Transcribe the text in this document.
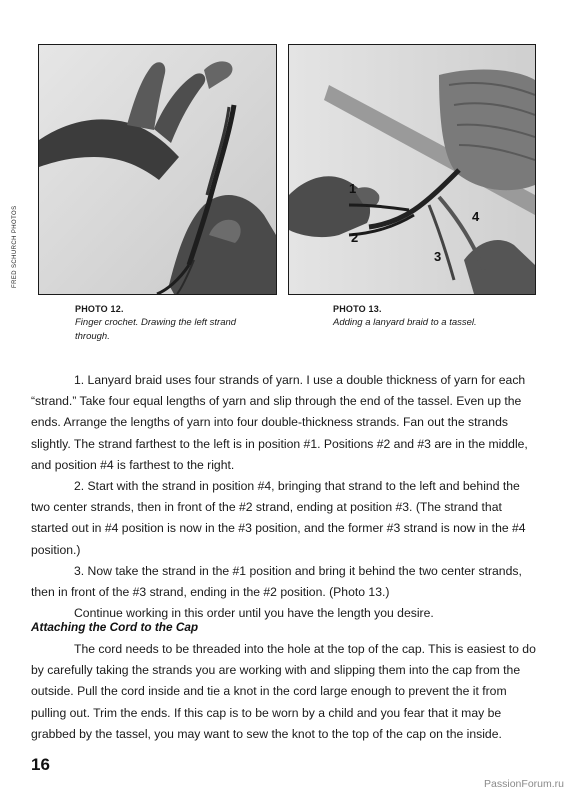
1
2
3
4
FRED SCHURCH PHOTOS
PHOTO 12.
Finger crochet. Drawing the left strand through.
PHOTO 13.
Adding a lanyard braid to a tassel.

1. Lanyard braid uses four strands of yarn. I use a double thickness of yarn for each “strand.” Take four equal lengths of yarn and slip through the end of the tassel. Even up the ends. Arrange the lengths of yarn into four double-thickness strands. Fan out the strands slightly. The strand farthest to the left is in position #1. Positions #2 and #3 are in the middle, and position #4 is farthest to the right.

2. Start with the strand in position #4, bringing that strand to the left and behind the two center strands, then in front of the #2 strand, ending at position #3. (The strand that started out in #4 position is now in the #3 position, and the former #3 strand is now in the #4 position.)

3. Now take the strand in the #1 position and bring it behind the two center strands, then in front of the #3 strand, ending in the #2 position. (Photo 13.)

Continue working in this order until you have the length you desire.

Attaching the Cord to the Cap

The cord needs to be threaded into the hole at the top of the cap. This is easiest to do by carefully taking the strands you are working with and slipping them into the cap from the outside. Pull the cord inside and tie a knot in the cord large enough to prevent the it from pulling out. Trim the ends. If this cap is to be worn by a child and you fear that it may be grabbed by the tassel, you may want to sew the knot to the top of the cap on the inside.

16
PassionForum.ru
